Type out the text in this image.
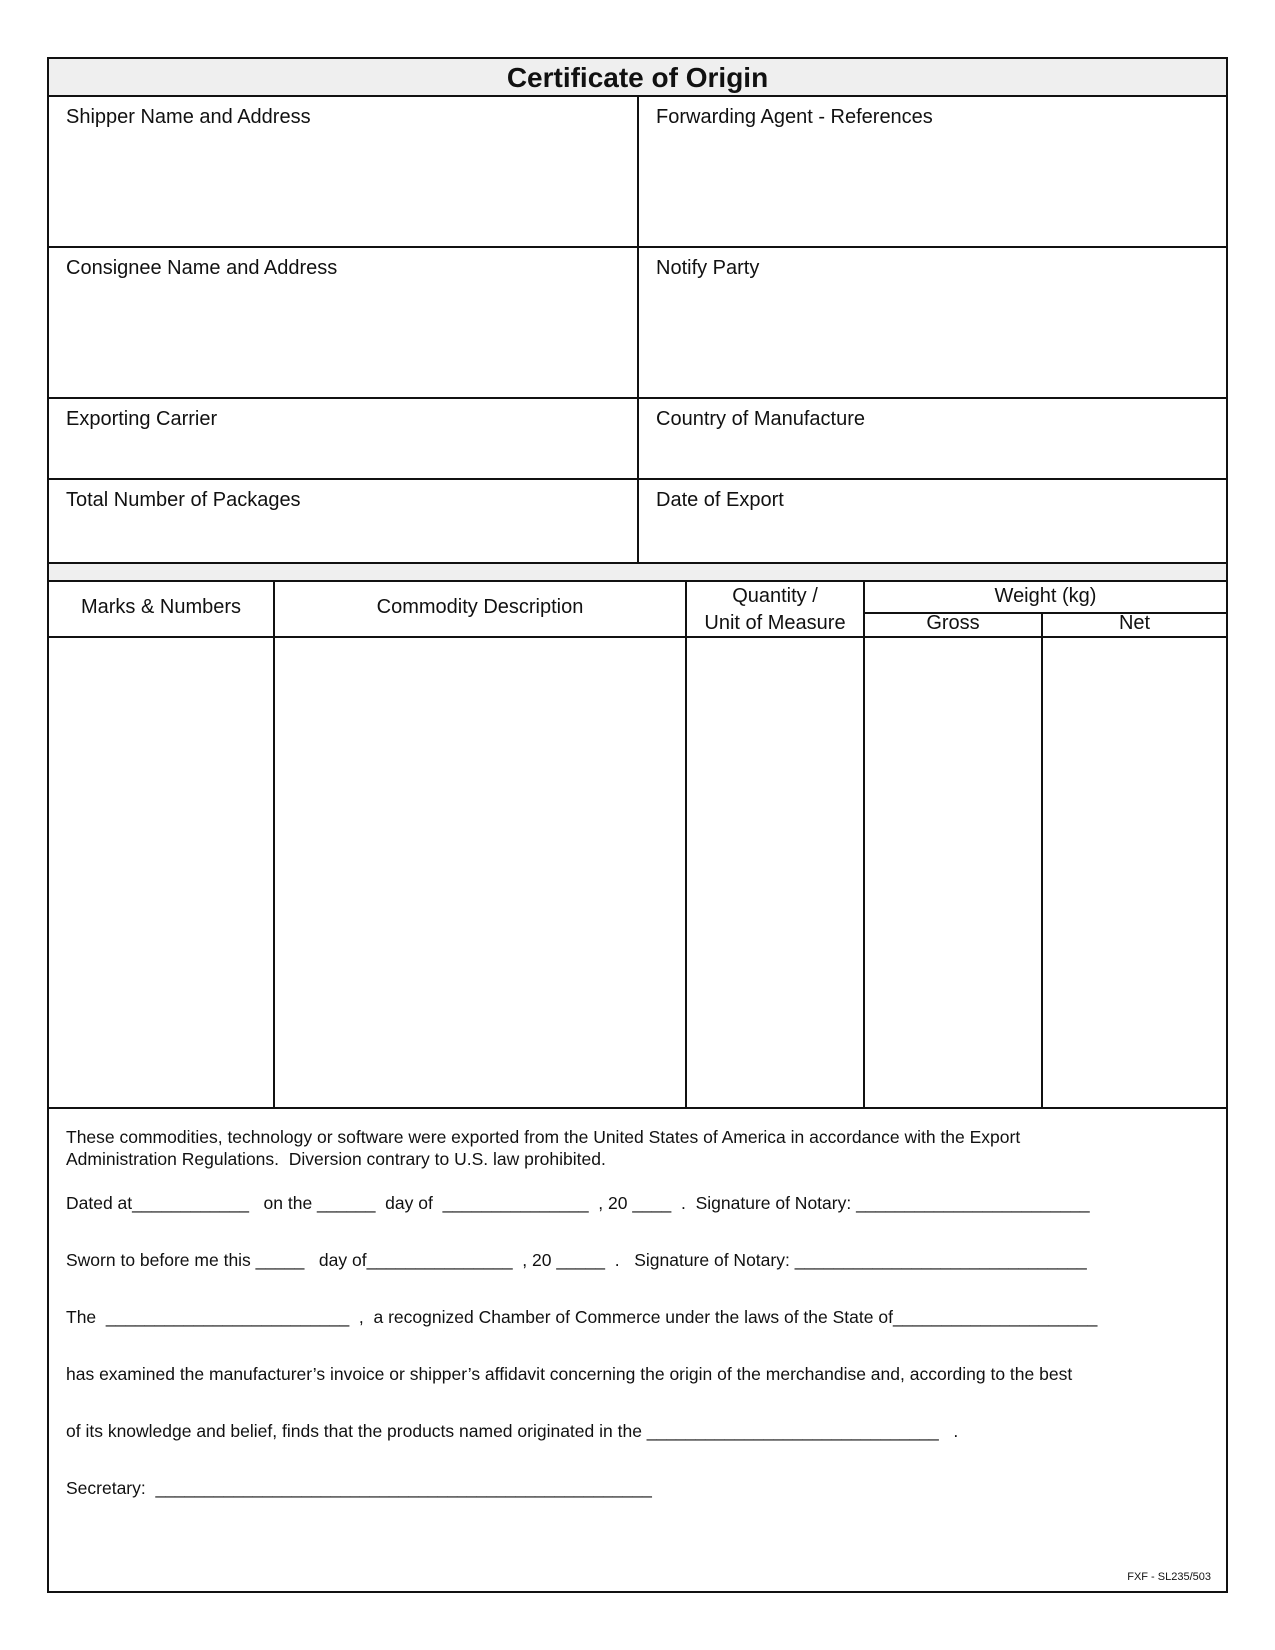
Certificate of Origin
Shipper Name and Address	Forwarding Agent - References
Consignee Name and Address	Notify Party
Exporting Carrier	Country of Manufacture
Total Number of Packages	Date of Export
Marks & Numbers	Commodity Description	Quantity /
Unit of Measure
Weight (kg)
Gross	Net
These commodities, technology or software were exported from the United States of America in accordance with the Export
Administration Regulations.  Diversion contrary to U.S. law prohibited.
Dated at____________   on the ______  day of  _______________  , 20 ____  .  Signature of Notary: ________________________
Sworn to before me this _____   day of_______________  , 20 _____  .   Signature of Notary: ______________________________
The  _________________________  ,  a recognized Chamber of Commerce under the laws of the State of_____________________
has examined the manufacturer’s invoice or shipper’s affidavit concerning the origin of the merchandise and, according to the best
of its knowledge and belief, finds that the products named originated in the ______________________________   .
Secretary:  ___________________________________________________
FXF - SL235/503
